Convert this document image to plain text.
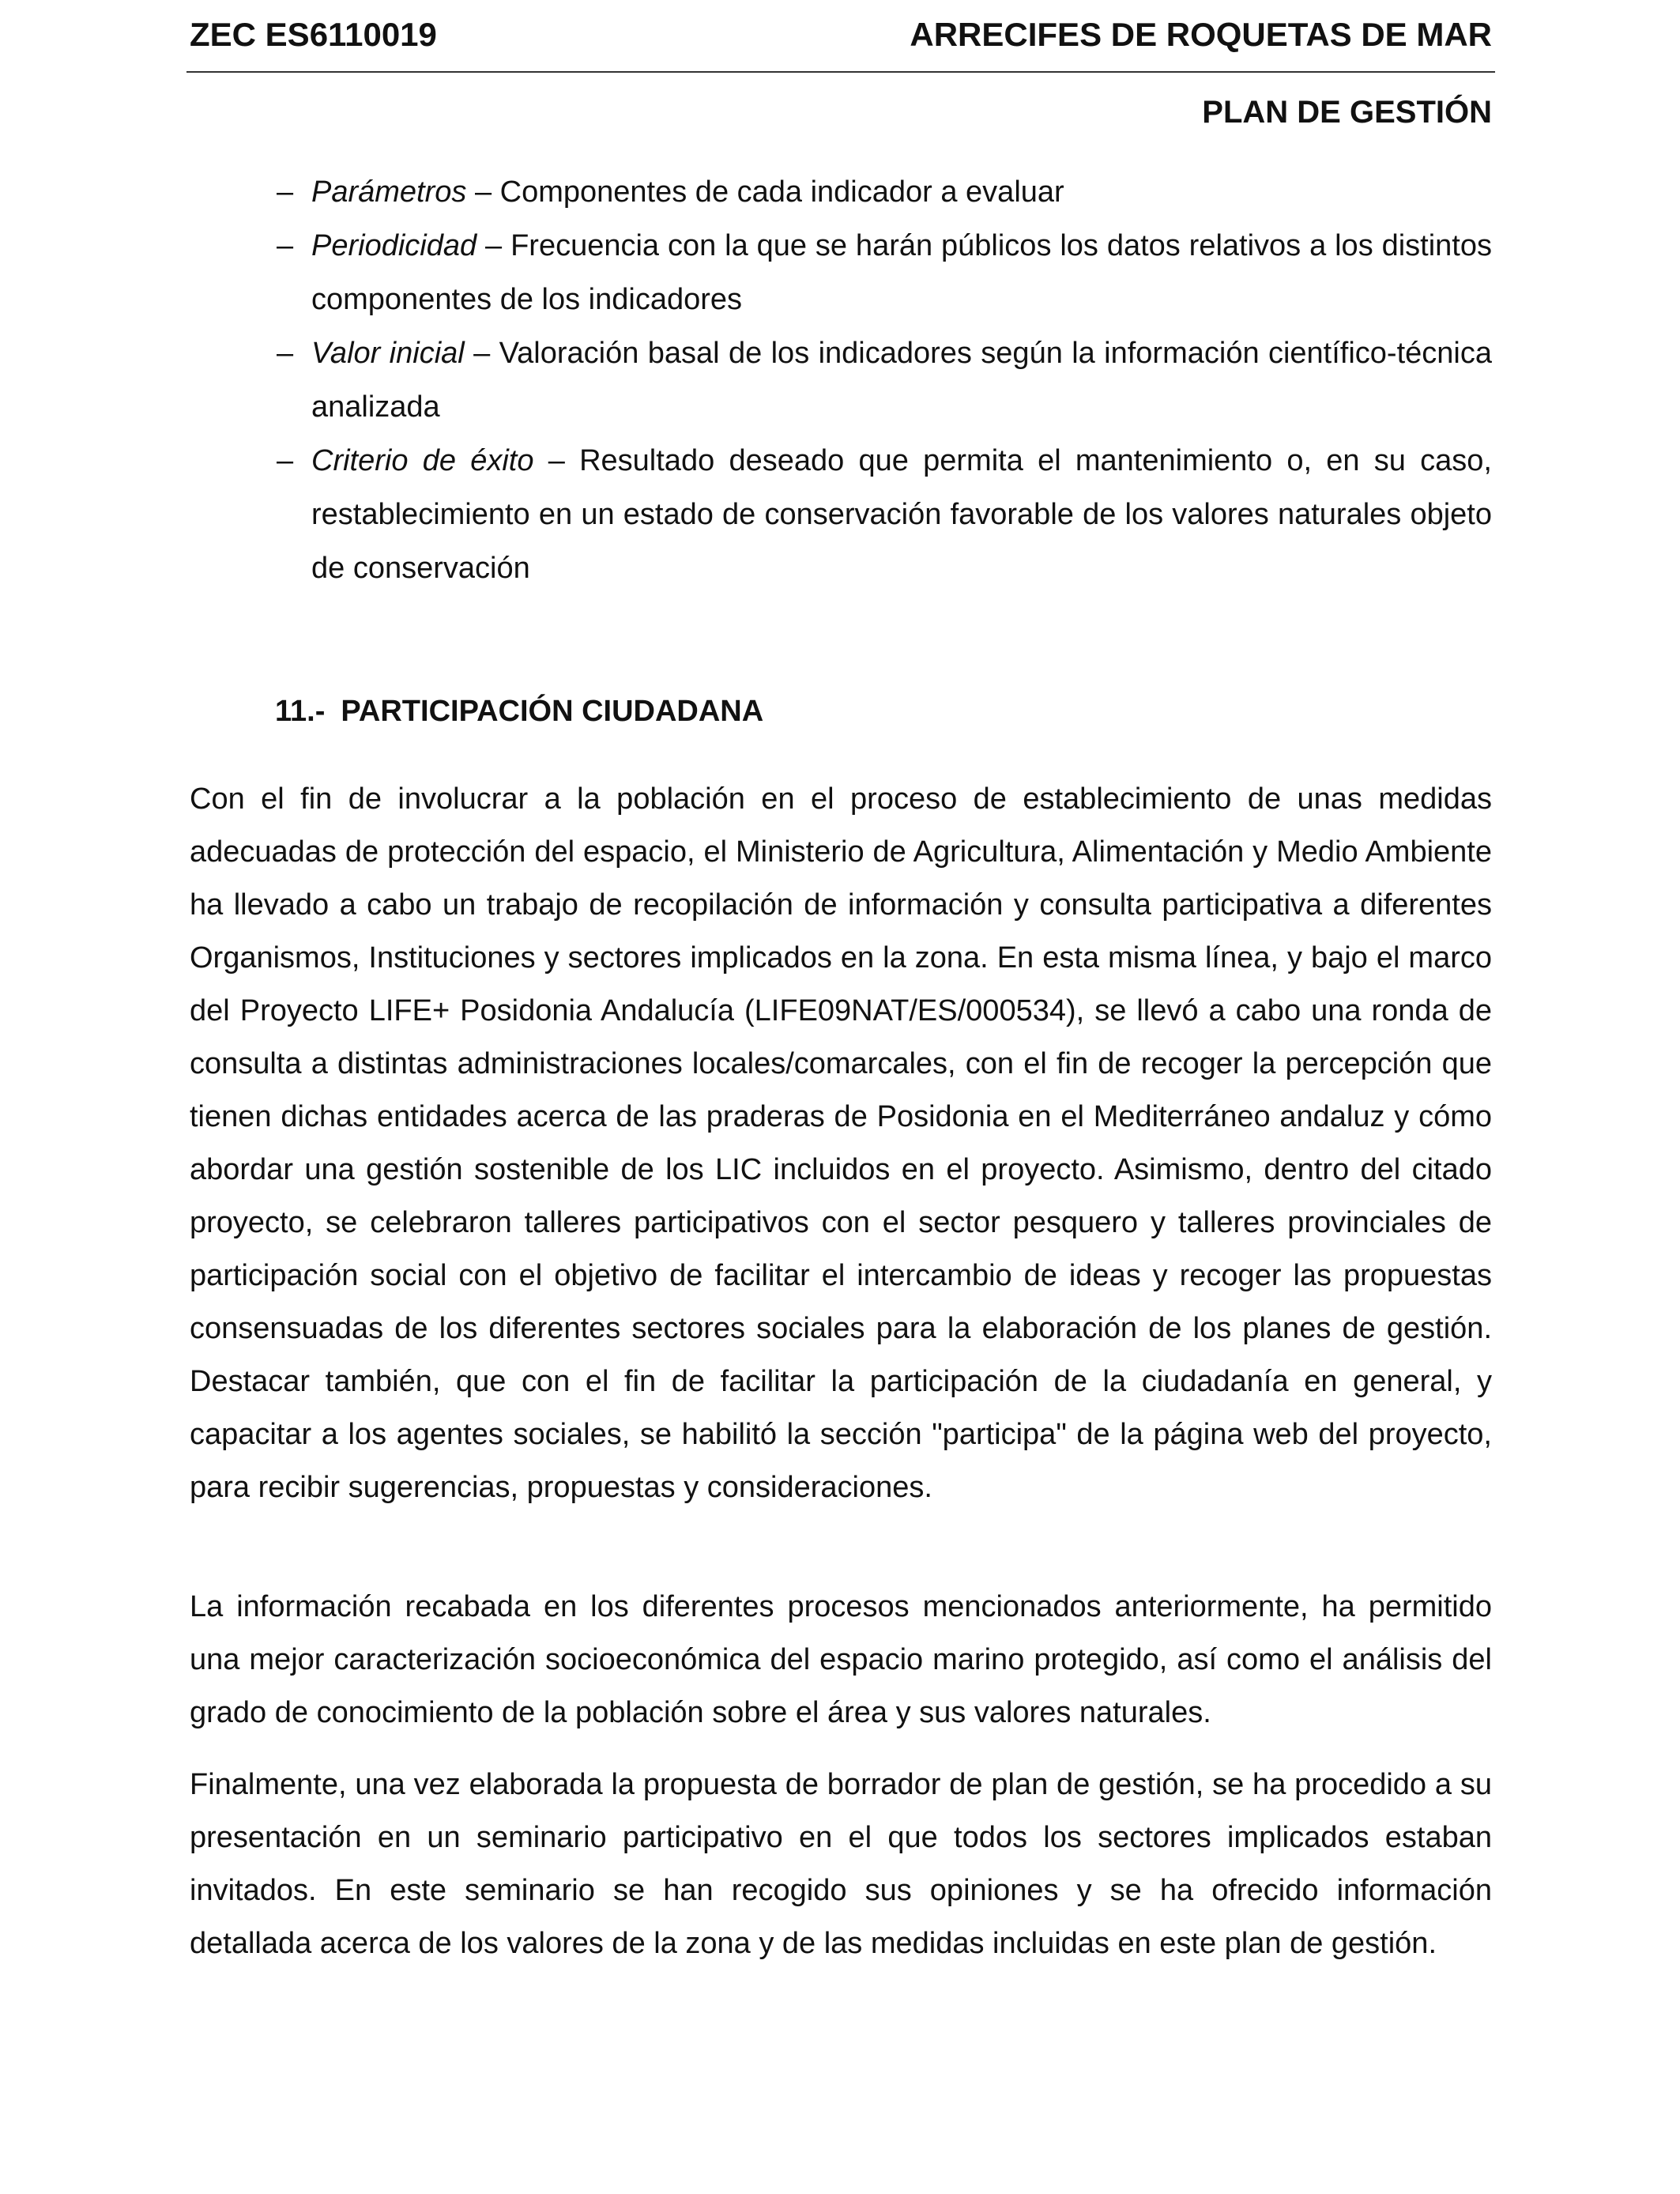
ZEC ES6110019	ARRECIFES DE ROQUETAS DE MAR
PLAN DE GESTIÓN
– Parámetros – Componentes de cada indicador a evaluar
– Periodicidad – Frecuencia con la que se harán públicos los datos relativos a los distintos componentes de los indicadores
– Valor inicial – Valoración basal de los indicadores según la información científico-técnica analizada
– Criterio de éxito – Resultado deseado que permita el mantenimiento o, en su caso, restablecimiento en un estado de conservación favorable de los valores naturales objeto de conservación
11.- PARTICIPACIÓN CIUDADANA

Con el fin de involucrar a la población en el proceso de establecimiento de unas medidas adecuadas de protección del espacio, el Ministerio de Agricultura, Alimentación y Medio Ambiente ha llevado a cabo un trabajo de recopilación de información y consulta participativa a diferentes Organismos, Instituciones y sectores implicados en la zona. En esta misma línea, y bajo el marco del Proyecto LIFE+ Posidonia Andalucía (LIFE09NAT/ES/000534), se llevó a cabo una ronda de consulta a distintas administraciones locales/comarcales, con el fin de recoger la percepción que tienen dichas entidades acerca de las praderas de Posidonia en el Mediterráneo andaluz y cómo abordar una gestión sostenible de los LIC incluidos en el proyecto. Asimismo, dentro del citado proyecto, se celebraron talleres participativos con el sector pesquero y talleres provinciales de participación social con el objetivo de facilitar el intercambio de ideas y recoger las propuestas consensuadas de los diferentes sectores sociales para la elaboración de los planes de gestión. Destacar también, que con el fin de facilitar la participación de la ciudadanía en general, y capacitar a los agentes sociales, se habilitó la sección "participa" de la página web del proyecto, para recibir sugerencias, propuestas y consideraciones.

La información recabada en los diferentes procesos mencionados anteriormente, ha permitido una mejor caracterización socioeconómica del espacio marino protegido, así como el análisis del grado de conocimiento de la población sobre el área y sus valores naturales.

Finalmente, una vez elaborada la propuesta de borrador de plan de gestión, se ha procedido a su presentación en un seminario participativo en el que todos los sectores implicados estaban invitados. En este seminario se han recogido sus opiniones y se ha ofrecido información detallada acerca de los valores de la zona y de las medidas incluidas en este plan de gestión.
